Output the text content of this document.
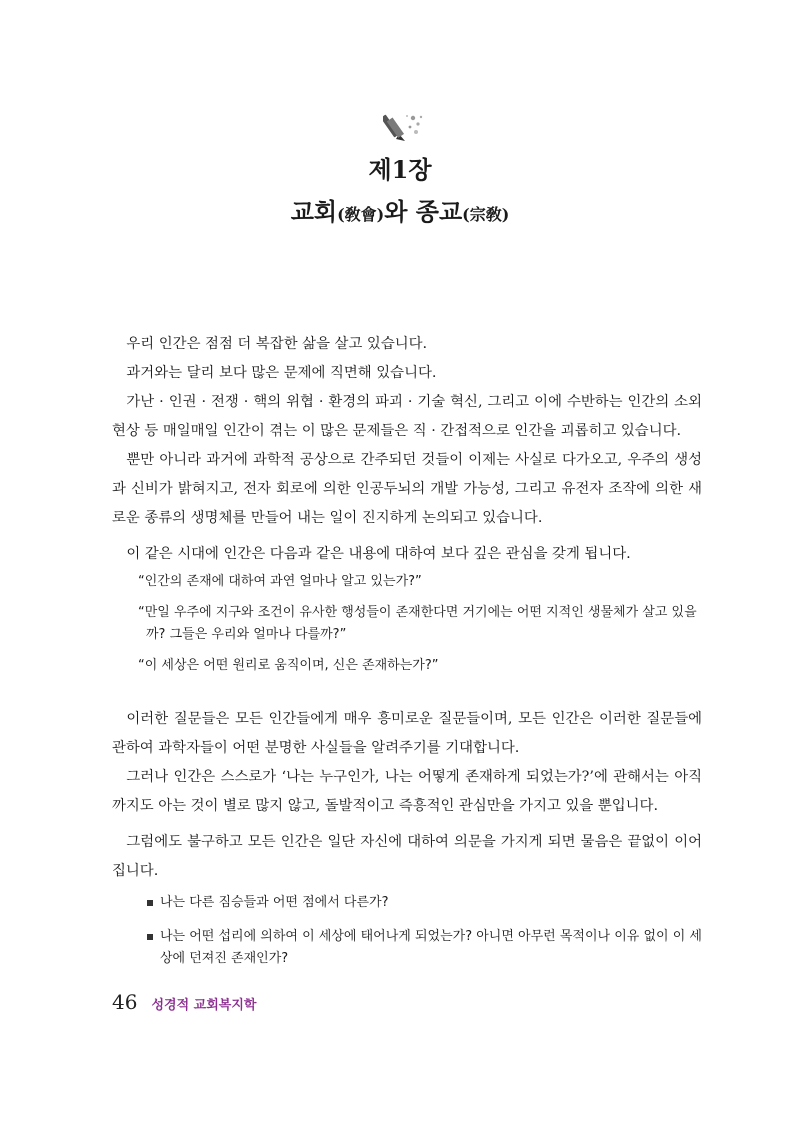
제1장
교회(敎會)와 종교(宗敎)

우리 인간은 점점 더 복잡한 삶을 살고 있습니다.

과거와는 달리 보다 많은 문제에 직면해 있습니다.

가난 · 인권 · 전쟁 · 핵의 위협 · 환경의 파괴 · 기술 혁신, 그리고 이에 수반하는 인간의 소외 현상 등 매일매일 인간이 겪는 이 많은 문제들은 직 · 간접적으로 인간을 괴롭히고 있습니다.

뿐만 아니라 과거에 과학적 공상으로 간주되던 것들이 이제는 사실로 다가오고, 우주의 생성과 신비가 밝혀지고, 전자 회로에 의한 인공두뇌의 개발 가능성, 그리고 유전자 조작에 의한 새로운 종류의 생명체를 만들어 내는 일이 진지하게 논의되고 있습니다.

이 같은 시대에 인간은 다음과 같은 내용에 대하여 보다 깊은 관심을 갖게 됩니다.

“인간의 존재에 대하여 과연 얼마나 알고 있는가?”
“만일 우주에 지구와 조건이 유사한 행성들이 존재한다면 거기에는 어떤 지적인 생물체가 살고 있을까? 그들은 우리와 얼마나 다를까?”
“이 세상은 어떤 원리로 움직이며, 신은 존재하는가?”

이러한 질문들은 모든 인간들에게 매우 흥미로운 질문들이며, 모든 인간은 이러한 질문들에 관하여 과학자들이 어떤 분명한 사실들을 알려주기를 기대합니다.

그러나 인간은 스스로가 ‘나는 누구인가, 나는 어떻게 존재하게 되었는가?’에 관해서는 아직까지도 아는 것이 별로 많지 않고, 돌발적이고 즉흥적인 관심만을 가지고 있을 뿐입니다.

그럼에도 불구하고 모든 인간은 일단 자신에 대하여 의문을 가지게 되면 물음은 끝없이 이어집니다.

나는 다른 짐승들과 어떤 점에서 다른가?
나는 어떤 섭리에 의하여 이 세상에 태어나게 되었는가? 아니면 아무런 목적이나 이유 없이 이 세상에 던져진 존재인가?
46 성경적 교회복지학
